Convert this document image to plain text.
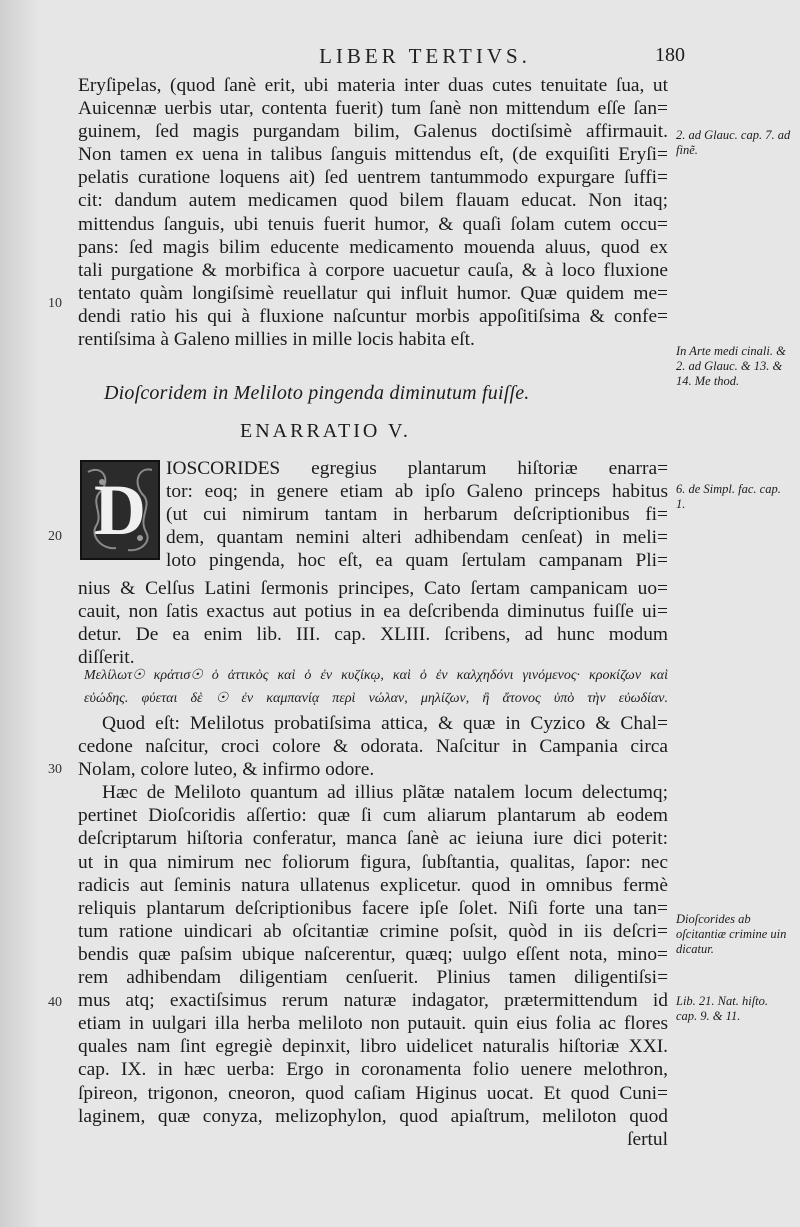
LIBER TERTIVS.	180
Eryſipelas, (quod ſanè erit, ubi materia inter duas cutes tenuitate ſua, ut
Auicennæ uerbis utar, contenta fuerit) tum ſanè non mittendum eſſe ſan=
guinem, ſed magis purgandam bilim, Galenus doctiſsimè affirmauit.
Non tamen ex uena in talibus ſanguis mittendus eſt, (de exquiſiti Eryſi=
pelatis curatione loquens ait) ſed uentrem tantummodo expurgare ſuffi=
cit: dandum autem medicamen quod bilem flauam educat. Non itaq;
mittendus ſanguis, ubi tenuis fuerit humor, & quaſi ſolam cutem occu=
pans: ſed magis bilim educente medicamento mouenda aluus, quod ex
tali purgatione & morbifica à corpore uacuetur cauſa, & à loco fluxione
tentato quàm longiſsimè reuellatur qui influit humor. Quæ quidem me=
dendi ratio his qui à fluxione naſcuntur morbis appoſitiſsima & confe=
rentiſsima à Galeno millies in mille locis habita eſt.
Dioſcoridem in Meliloto pingenda diminutum fuiſſe.
ENARRATIO V.
D
IOSCORIDES egregius plantarum hiſtoriæ enarra=
tor: eoq; in genere etiam ab ipſo Galeno princeps habitus
(ut cui nimirum tantam in herbarum deſcriptionibus fi=
dem, quantam nemini alteri adhibendam cenſeat) in meli=
loto pingenda, hoc eſt, ea quam ſertulam campanam Pli=
nius & Celſus Latini ſermonis principes, Cato ſertam campanicam uo=
cauit, non ſatis exactus aut potius in ea deſcribenda diminutus fuiſſe ui=
detur. De ea enim lib. III. cap. XLIII. ſcribens, ad hunc modum
diſſerit.
Μελίλωτ☉ κράτισ☉ ὁ ἀττικὸς καὶ ὁ ἐν κυζίκῳ, καὶ ὁ ἐν καλχηδόνι γινόμενος· κροκίζων καὶ
εὐώδης. φύεται δὲ ☉ ἐν καμπανίᾳ περὶ νώλαν, μηλίζων, ἢ ἄτονος ὑπὸ τὴν εὐωδίαν.
Quod eſt: Melilotus probatiſsima attica, & quæ in Cyzico & Chal=
cedone naſcitur, croci colore & odorata. Naſcitur in Campania circa
Nolam, colore luteo, & infirmo odore.
Hæc de Meliloto quantum ad illius plãtæ natalem locum delectumq;
pertinet Dioſcoridis aſſertio: quæ ſi cum aliarum plantarum ab eodem
deſcriptarum hiſtoria conferatur, manca ſanè ac ieiuna iure dici poterit:
ut in qua nimirum nec foliorum figura, ſubſtantia, qualitas, ſapor: nec
radicis aut ſeminis natura ullatenus explicetur. quod in omnibus fermè
reliquis plantarum deſcriptionibus facere ipſe ſolet. Niſi forte una tan=
tum ratione uindicari ab oſcitantiæ crimine poſsit, quòd in iis deſcri=
bendis quæ paſsim ubique naſcerentur, quæq; uulgo eſſent nota, mino=
rem adhibendam diligentiam cenſuerit. Plinius tamen diligentiſsi=
mus atq; exactiſsimus rerum naturæ indagator, prætermittendum id
etiam in uulgari illa herba meliloto non putauit. quin eius folia ac flores
quales nam ſint egregiè depinxit, libro uidelicet naturalis hiſtoriæ XXI.
cap. IX. in hæc uerba: Ergo in coronamenta folio uenere melothron,
ſpireon, trigonon, cneoron, quod caſiam Higinus uocat. Et quod Cuni=
laginem, quæ conyza, melizophylon, quod apiaſtrum, meliloton quod
ſertul
2. ad Glauc. cap. 7. ad finẽ.
In Arte medi cinali. & 2. ad Glauc. & 13. & 14. Me thod.
6. de Simpl. fac. cap. 1.
Dioſcorides ab oſcitantiæ crimine uin dicatur.
Lib. 21. Nat. hiſto. cap. 9. & 11.
10
20
30
40
